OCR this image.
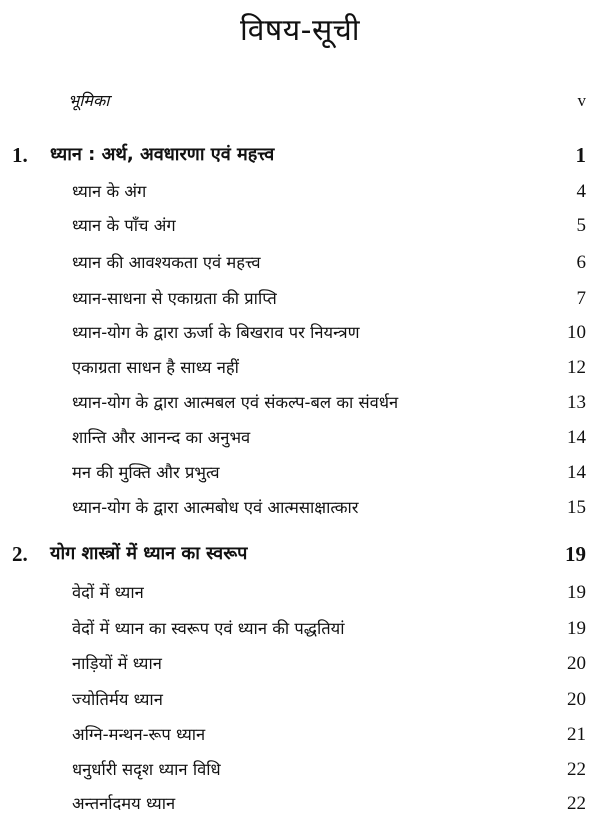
विषय-सूची
भूमिका	v
1. ध्यान : अर्थ, अवधारणा एवं महत्त्व	1
ध्यान के अंग	4
ध्यान के पाँच अंग	5
ध्यान की आवश्यकता एवं महत्त्व	6
ध्यान-साधना से एकाग्रता की प्राप्ति	7
ध्यान-योग के द्वारा ऊर्जा के बिखराव पर नियन्त्रण	10
एकाग्रता साधन है साध्य नहीं	12
ध्यान-योग के द्वारा आत्मबल एवं संकल्प-बल का संवर्धन	13
शान्ति और आनन्द का अनुभव	14
मन की मुक्ति और प्रभुत्व	14
ध्यान-योग के द्वारा आत्मबोध एवं आत्मसाक्षात्कार	15
2. योग शास्त्रों में ध्यान का स्वरूप	19
वेदों में ध्यान	19
वेदों में ध्यान का स्वरूप एवं ध्यान की पद्धतियां	19
नाड़ियों में ध्यान	20
ज्योतिर्मय ध्यान	20
अग्नि-मन्थन-रूप ध्यान	21
धनुर्धारी सदृश ध्यान विधि	22
अन्तर्नादमय ध्यान	22
